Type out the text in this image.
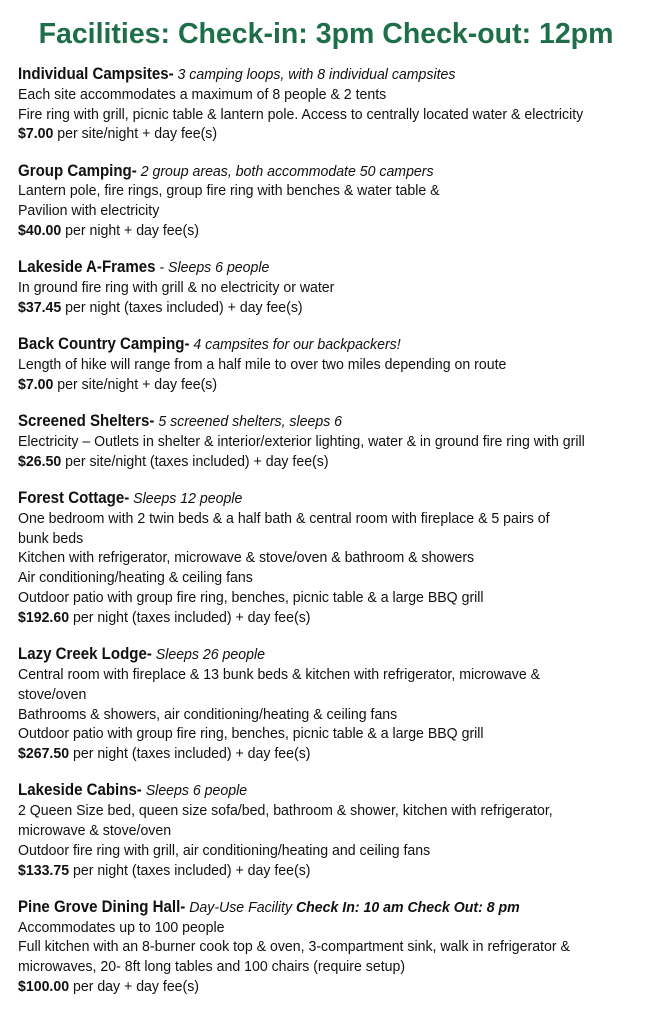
Facilities: Check-in: 3pm Check-out: 12pm
Individual Campsites- 3 camping loops, with 8 individual campsites
Each site accommodates a maximum of 8 people & 2 tents
Fire ring with grill, picnic table & lantern pole. Access to centrally located water & electricity
$7.00 per site/night + day fee(s)
Group Camping- 2 group areas, both accommodate 50 campers
Lantern pole, fire rings, group fire ring with benches & water table &
Pavilion with electricity
$40.00 per night + day fee(s)
Lakeside A-Frames - Sleeps 6 people
In ground fire ring with grill & no electricity or water
$37.45 per night (taxes included) + day fee(s)
Back Country Camping- 4 campsites for our backpackers!
Length of hike will range from a half mile to over two miles depending on route
$7.00 per site/night + day fee(s)
Screened Shelters- 5 screened shelters, sleeps 6
Electricity – Outlets in shelter & interior/exterior lighting, water & in ground fire ring with grill
$26.50 per site/night (taxes included) + day fee(s)
Forest Cottage- Sleeps 12 people
One bedroom with 2 twin beds & a half bath & central room with fireplace & 5 pairs of
bunk beds
Kitchen with refrigerator, microwave & stove/oven & bathroom & showers
Air conditioning/heating & ceiling fans
Outdoor patio with group fire ring, benches, picnic table & a large BBQ grill
$192.60 per night (taxes included) + day fee(s)
Lazy Creek Lodge- Sleeps 26 people
Central room with fireplace & 13 bunk beds & kitchen with refrigerator, microwave &
stove/oven
Bathrooms & showers, air conditioning/heating & ceiling fans
Outdoor patio with group fire ring, benches, picnic table & a large BBQ grill
$267.50 per night (taxes included) + day fee(s)
Lakeside Cabins- Sleeps 6 people
2 Queen Size bed, queen size sofa/bed, bathroom & shower, kitchen with refrigerator,
microwave & stove/oven
Outdoor fire ring with grill, air conditioning/heating and ceiling fans
$133.75 per night (taxes included) + day fee(s)
Pine Grove Dining Hall- Day-Use Facility Check In: 10 am Check Out: 8 pm
Accommodates up to 100 people
Full kitchen with an 8-burner cook top & oven, 3-compartment sink, walk in refrigerator &
microwaves, 20- 8ft long tables and 100 chairs (require setup)
$100.00 per day + day fee(s)
